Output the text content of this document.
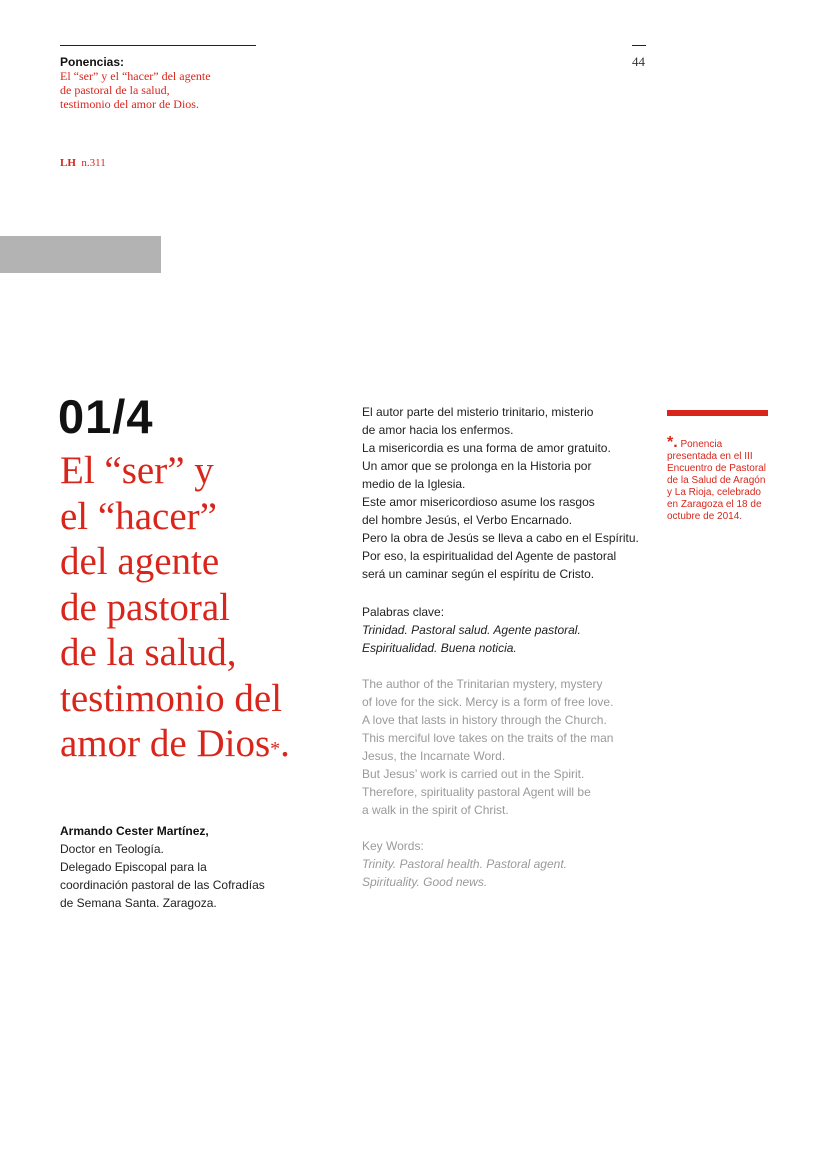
Ponencias:
El “ser” y el “hacer” del agente
de pastoral de la salud,
testimonio del amor de Dios.
44
LH n.311
01/4
El “ser” y
el “hacer”
del agente
de pastoral
de la salud,
testimonio del
amor de Dios*.
Armando Cester Martínez,
Doctor en Teología.
Delegado Episcopal para la
coordinación pastoral de las Cofradías
de Semana Santa. Zaragoza.
El autor parte del misterio trinitario, misterio
de amor hacia los enfermos.
La misericordia es una forma de amor gratuito.
Un amor que se prolonga en la Historia por
medio de la Iglesia.
Este amor misericordioso asume los rasgos
del hombre Jesús, el Verbo Encarnado.
Pero la obra de Jesús se lleva a cabo en el Espíritu.
Por eso, la espiritualidad del Agente de pastoral
será un caminar según el espíritu de Cristo.
Palabras clave:
Trinidad. Pastoral salud. Agente pastoral.
Espiritualidad. Buena noticia.
The author of the Trinitarian mystery, mystery
of love for the sick. Mercy is a form of free love.
A love that lasts in history through the Church.
This merciful love takes on the traits of the man
Jesus, the Incarnate Word.
But Jesus’ work is carried out in the Spirit.
Therefore, spirituality pastoral Agent will be
a walk in the spirit of Christ.
Key Words:
Trinity. Pastoral health. Pastoral agent.
Spirituality. Good news.
*. Ponencia
presentada en el III
Encuentro de Pastoral
de la Salud de Aragón
y La Rioja, celebrado
en Zaragoza el 18 de
octubre de 2014.
